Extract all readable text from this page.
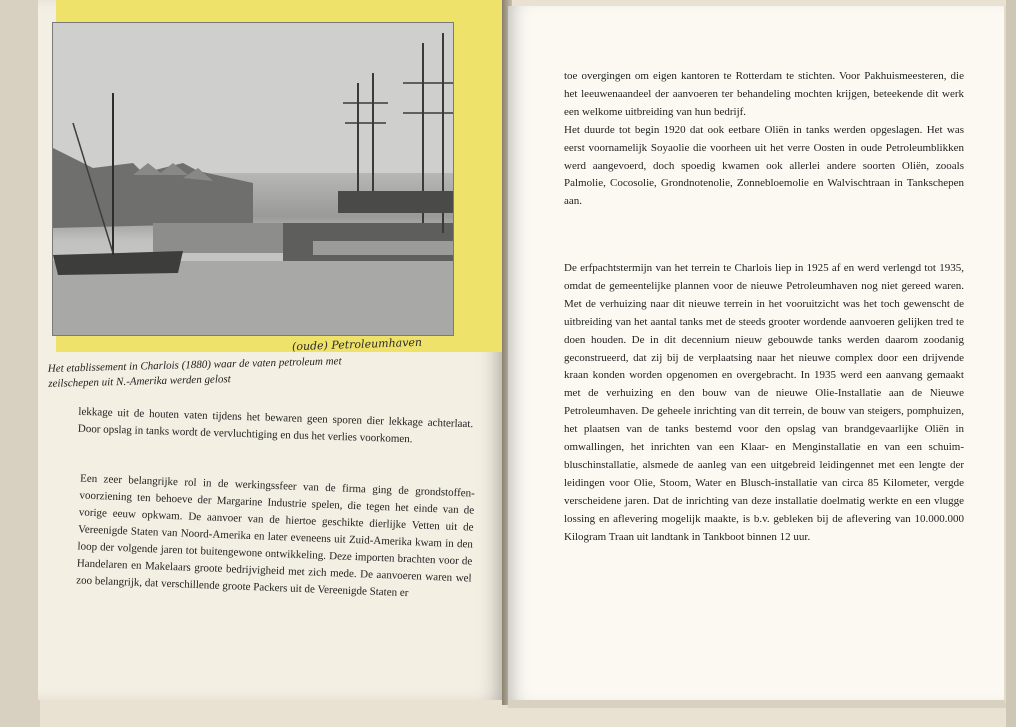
(oude) Petroleumhaven
Het etablissement in Charlois (1880) waar de vaten petroleum met zeilschepen uit N.-Amerika werden gelost
lekkage uit de houten vaten tijdens het bewaren geen sporen dier lekkage achterlaat. Door opslag in tanks wordt de vervluchtiging en dus het verlies voorkomen.
Een zeer belangrijke rol in de werkingssfeer van de firma ging de grondstoffen-voorziening ten behoeve der Margarine Industrie spelen, die tegen het einde van de vorige eeuw opkwam. De aanvoer van de hiertoe geschikte dierlijke Vetten uit de Vereenigde Staten van Noord-Amerika en later eveneens uit Zuid-Amerika kwam in den loop der volgende jaren tot buitengewone ontwikkeling. Deze importen brachten voor de Handelaren en Makelaars groote bedrijvigheid met zich mede. De aanvoeren waren wel zoo belangrijk, dat verschillende groote Packers uit de Vereenigde Staten er
toe overgingen om eigen kantoren te Rotterdam te stichten. Voor Pakhuismeesteren, die het leeuwenaandeel der aanvoeren ter behandeling mochten krijgen, beteekende dit werk een welkome uitbreiding van hun bedrijf.
Het duurde tot begin 1920 dat ook eetbare Oliën in tanks werden opgeslagen. Het was eerst voornamelijk Soyaolie die voorheen uit het verre Oosten in oude Petroleumblikken werd aangevoerd, doch spoedig kwamen ook allerlei andere soorten Oliën, zooals Palmolie, Cocosolie, Grondnotenolie, Zonnebloemolie en Walvischtraan in Tankschepen aan.
De erfpachtstermijn van het terrein te Charlois liep in 1925 af en werd verlengd tot 1935, omdat de gemeentelijke plannen voor de nieuwe Petroleumhaven nog niet gereed waren. Met de verhuizing naar dit nieuwe terrein in het vooruitzicht was het toch gewenscht de uitbreiding van het aantal tanks met de steeds grooter wordende aanvoeren gelijken tred te doen houden. De in dit decennium nieuw gebouwde tanks werden daarom zoodanig geconstrueerd, dat zij bij de verplaatsing naar het nieuwe complex door een drijvende kraan konden worden opgenomen en overgebracht. In 1935 werd een aanvang gemaakt met de verhuizing en den bouw van de nieuwe Olie-Installatie aan de Nieuwe Petroleumhaven. De geheele inrichting van dit terrein, de bouw van steigers, pomphuizen, het plaatsen van de tanks bestemd voor den opslag van brandgevaarlijke Oliën in omwallingen, het inrichten van een Klaar- en Menginstallatie en van een schuim-bluschinstallatie, alsmede de aanleg van een uitgebreid leidingennet met een lengte der leidingen voor Olie, Stoom, Water en Blusch-installatie van circa 85 Kilometer, vergde verscheidene jaren. Dat de inrichting van deze installatie doelmatig werkte en een vlugge lossing en aflevering mogelijk maakte, is b.v. gebleken bij de aflevering van 10.000.000 Kilogram Traan uit landtank in Tankboot binnen 12 uur.
